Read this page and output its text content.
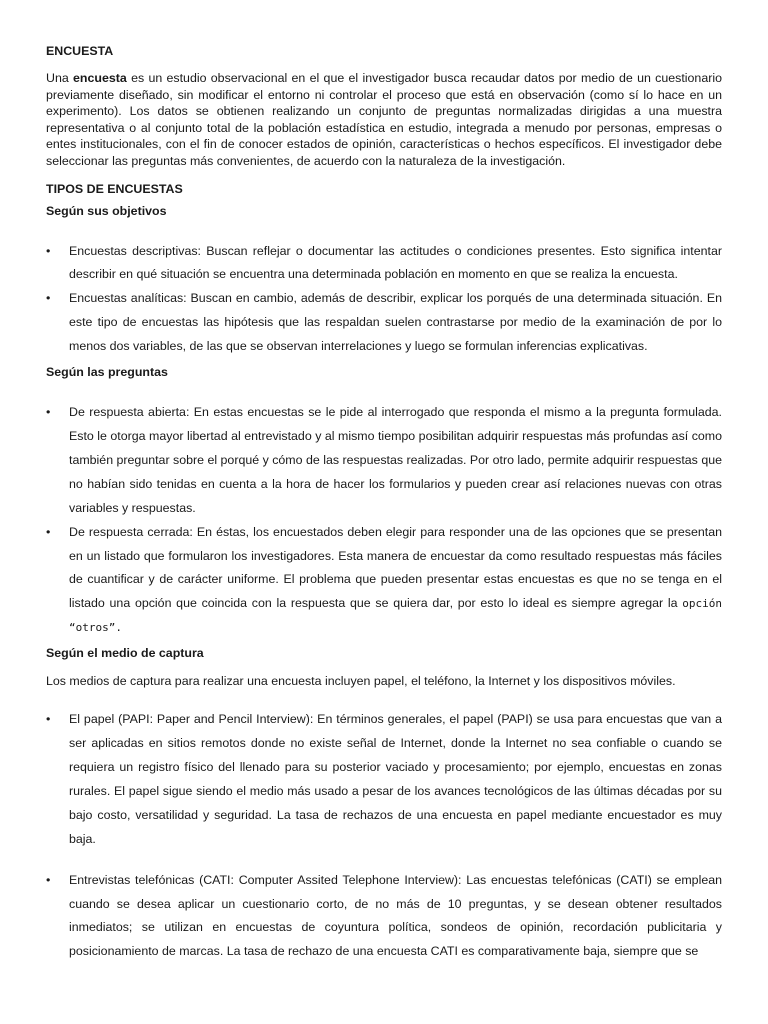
ENCUESTA

Una encuesta es un estudio observacional en el que el investigador busca recaudar datos por medio de un cuestionario previamente diseñado, sin modificar el entorno ni controlar el proceso que está en observación (como sí lo hace en un experimento). Los datos se obtienen realizando un conjunto de preguntas normalizadas dirigidas a una muestra representativa o al conjunto total de la población estadística en estudio, integrada a menudo por personas, empresas o entes institucionales, con el fin de conocer estados de opinión, características o hechos específicos. El investigador debe seleccionar las preguntas más convenientes, de acuerdo con la naturaleza de la investigación.

TIPOS DE ENCUESTAS

Según sus objetivos

• Encuestas descriptivas: Buscan reflejar o documentar las actitudes o condiciones presentes. Esto significa intentar describir en qué situación se encuentra una determinada población en momento en que se realiza la encuesta.
• Encuestas analíticas: Buscan en cambio, además de describir, explicar los porqués de una determinada situación. En este tipo de encuestas las hipótesis que las respaldan suelen contrastarse por medio de la examinación de por lo menos dos variables, de las que se observan interrelaciones y luego se formulan inferencias explicativas.

Según las preguntas

• De respuesta abierta: En estas encuestas se le pide al interrogado que responda el mismo a la pregunta formulada. Esto le otorga mayor libertad al entrevistado y al mismo tiempo posibilitan adquirir respuestas más profundas así como también preguntar sobre el porqué y cómo de las respuestas realizadas. Por otro lado, permite adquirir respuestas que no habían sido tenidas en cuenta a la hora de hacer los formularios y pueden crear así relaciones nuevas con otras variables y respuestas.
• De respuesta cerrada: En éstas, los encuestados deben elegir para responder una de las opciones que se presentan en un listado que formularon los investigadores. Esta manera de encuestar da como resultado respuestas más fáciles de cuantificar y de carácter uniforme. El problema que pueden presentar estas encuestas es que no se tenga en el listado una opción que coincida con la respuesta que se quiera dar, por esto lo ideal es siempre agregar la opción “otros”.

Según el medio de captura

Los medios de captura para realizar una encuesta incluyen papel, el teléfono, la Internet y los dispositivos móviles.

• El papel (PAPI: Paper and Pencil Interview): En términos generales, el papel (PAPI) se usa para encuestas que van a ser aplicadas en sitios remotos donde no existe señal de Internet, donde la Internet no sea confiable o cuando se requiera un registro físico del llenado para su posterior vaciado y procesamiento; por ejemplo, encuestas en zonas rurales. El papel sigue siendo el medio más usado a pesar de los avances tecnológicos de las últimas décadas por su bajo costo, versatilidad y seguridad. La tasa de rechazos de una encuesta en papel mediante encuestador es muy baja.
• Entrevistas telefónicas (CATI: Computer Assited Telephone Interview): Las encuestas telefónicas (CATI) se emplean cuando se desea aplicar un cuestionario corto, de no más de 10 preguntas, y se desean obtener resultados inmediatos; se utilizan en encuestas de coyuntura política, sondeos de opinión, recordación publicitaria y posicionamiento de marcas. La tasa de rechazo de una encuesta CATI es comparativamente baja, siempre que se
